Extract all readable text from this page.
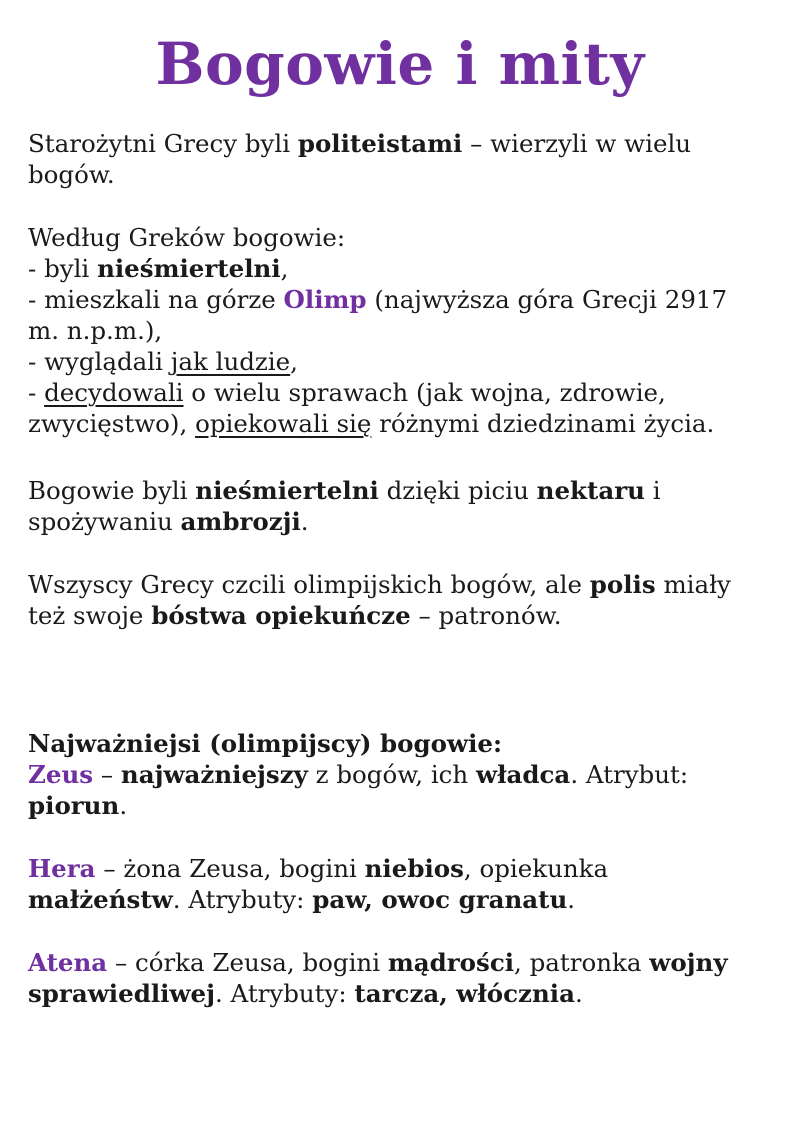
Bogowie i mity

Starożytni Grecy byli politeistami – wierzyli w wielu
bogów.

Według Greków bogowie:
- byli nieśmiertelni,
- mieszkali na górze Olimp (najwyższa góra Grecji 2917
m. n.p.m.),
- wyglądali jak ludzie,
- decydowali o wielu sprawach (jak wojna, zdrowie,
zwycięstwo), opiekowali się różnymi dziedzinami życia.

Bogowie byli nieśmiertelni dzięki piciu nektaru i
spożywaniu ambrozji.

Wszyscy Grecy czcili olimpijskich bogów, ale polis miały
też swoje bóstwa opiekuńcze – patronów.

Najważniejsi (olimpijscy) bogowie:
Zeus – najważniejszy z bogów, ich władca. Atrybut:
piorun.

Hera – żona Zeusa, bogini niebios, opiekunka
małżeństw. Atrybuty: paw, owoc granatu.

Atena – córka Zeusa, bogini mądrości, patronka wojny
sprawiedliwej. Atrybuty: tarcza, włócznia.
